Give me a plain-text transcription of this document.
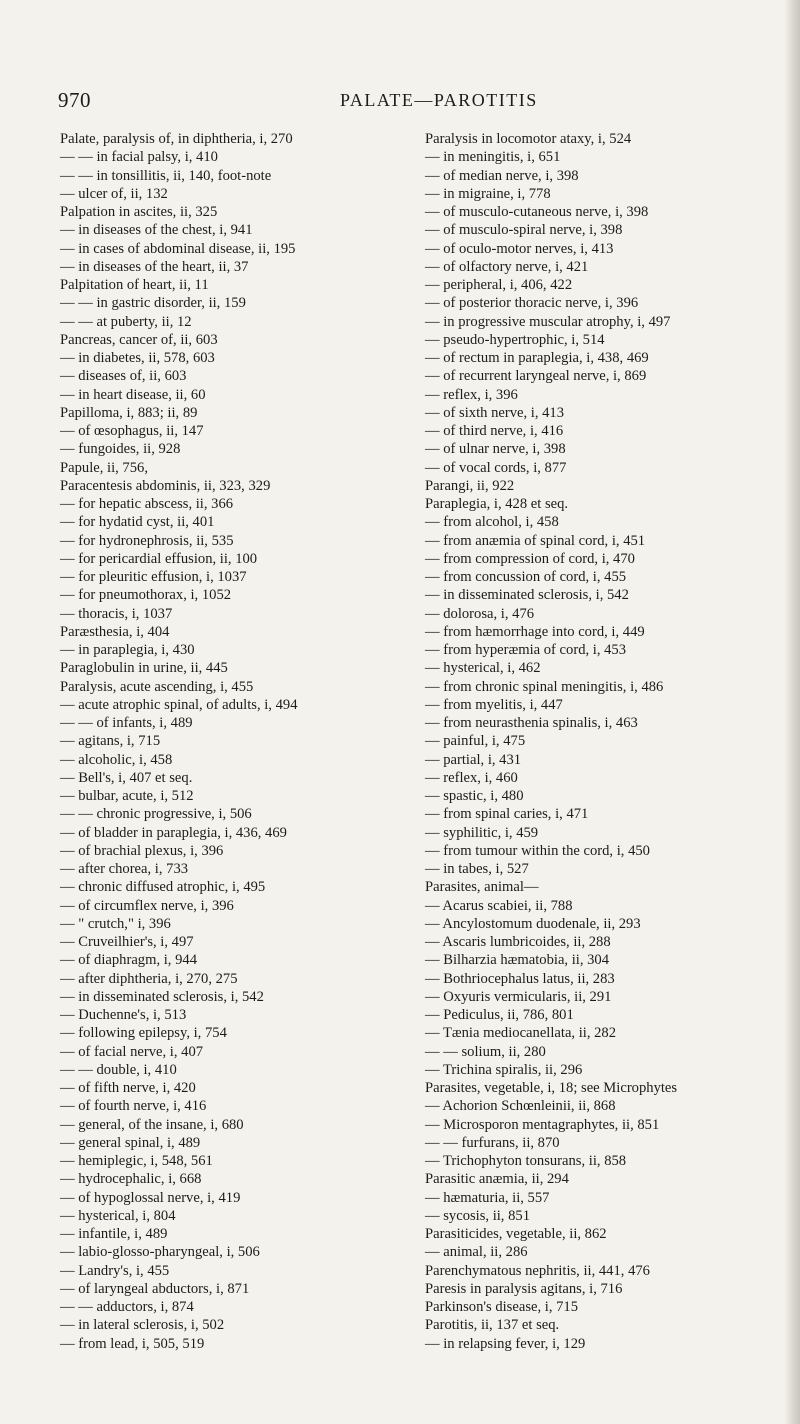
970	PALATE—PAROTITIS
Palate, paralysis of, in diphtheria, i, 270
— — in facial palsy, i, 410
— — in tonsillitis, ii, 140, foot-note
— ulcer of, ii, 132
Palpation in ascites, ii, 325
— in diseases of the chest, i, 941
— in cases of abdominal disease, ii, 195
— in diseases of the heart, ii, 37
Palpitation of heart, ii, 11
— — in gastric disorder, ii, 159
— — at puberty, ii, 12
Pancreas, cancer of, ii, 603
— in diabetes, ii, 578, 603
— diseases of, ii, 603
— in heart disease, ii, 60
Papilloma, i, 883; ii, 89
— of œsophagus, ii, 147
— fungoides, ii, 928
Papule, ii, 756,
Paracentesis abdominis, ii, 323, 329
— for hepatic abscess, ii, 366
— for hydatid cyst, ii, 401
— for hydronephrosis, ii, 535
— for pericardial effusion, ii, 100
— for pleuritic effusion, i, 1037
— for pneumothorax, i, 1052
— thoracis, i, 1037
Paræsthesia, i, 404
— in paraplegia, i, 430
Paraglobulin in urine, ii, 445
Paralysis, acute ascending, i, 455
— acute atrophic spinal, of adults, i, 494
— — of infants, i, 489
— agitans, i, 715
— alcoholic, i, 458
— Bell's, i, 407 et seq.
— bulbar, acute, i, 512
— — chronic progressive, i, 506
— of bladder in paraplegia, i, 436, 469
— of brachial plexus, i, 396
— after chorea, i, 733
— chronic diffused atrophic, i, 495
— of circumflex nerve, i, 396
— " crutch," i, 396
— Cruveilhier's, i, 497
— of diaphragm, i, 944
— after diphtheria, i, 270, 275
— in disseminated sclerosis, i, 542
— Duchenne's, i, 513
— following epilepsy, i, 754
— of facial nerve, i, 407
— — double, i, 410
— of fifth nerve, i, 420
— of fourth nerve, i, 416
— general, of the insane, i, 680
— general spinal, i, 489
— hemiplegic, i, 548, 561
— hydrocephalic, i, 668
— of hypoglossal nerve, i, 419
— hysterical, i, 804
— infantile, i, 489
— labio-glosso-pharyngeal, i, 506
— Landry's, i, 455
— of laryngeal abductors, i, 871
— — adductors, i, 874
— in lateral sclerosis, i, 502
— from lead, i, 505, 519
Paralysis in locomotor ataxy, i, 524
— in meningitis, i, 651
— of median nerve, i, 398
— in migraine, i, 778
— of musculo-cutaneous nerve, i, 398
— of musculo-spiral nerve, i, 398
— of oculo-motor nerves, i, 413
— of olfactory nerve, i, 421
— peripheral, i, 406, 422
— of posterior thoracic nerve, i, 396
— in progressive muscular atrophy, i, 497
— pseudo-hypertrophic, i, 514
— of rectum in paraplegia, i, 438, 469
— of recurrent laryngeal nerve, i, 869
— reflex, i, 396
— of sixth nerve, i, 413
— of third nerve, i, 416
— of ulnar nerve, i, 398
— of vocal cords, i, 877
Parangi, ii, 922
Paraplegia, i, 428 et seq.
— from alcohol, i, 458
— from anæmia of spinal cord, i, 451
— from compression of cord, i, 470
— from concussion of cord, i, 455
— in disseminated sclerosis, i, 542
— dolorosa, i, 476
— from hæmorrhage into cord, i, 449
— from hyperæmia of cord, i, 453
— hysterical, i, 462
— from chronic spinal meningitis, i, 486
— from myelitis, i, 447
— from neurasthenia spinalis, i, 463
— painful, i, 475
— partial, i, 431
— reflex, i, 460
— spastic, i, 480
— from spinal caries, i, 471
— syphilitic, i, 459
— from tumour within the cord, i, 450
— in tabes, i, 527
Parasites, animal—
— Acarus scabiei, ii, 788
— Ancylostomum duodenale, ii, 293
— Ascaris lumbricoides, ii, 288
— Bilharzia hæmatobia, ii, 304
— Bothriocephalus latus, ii, 283
— Oxyuris vermicularis, ii, 291
— Pediculus, ii, 786, 801
— Tænia mediocanellata, ii, 282
— — solium, ii, 280
— Trichina spiralis, ii, 296
Parasites, vegetable, i, 18; see Microphytes
— Achorion Schœnleinii, ii, 868
— Microsporon mentagraphytes, ii, 851
— — furfurans, ii, 870
— Trichophyton tonsurans, ii, 858
Parasitic anæmia, ii, 294
— hæmaturia, ii, 557
— sycosis, ii, 851
Parasiticides, vegetable, ii, 862
— animal, ii, 286
Parenchymatous nephritis, ii, 441, 476
Paresis in paralysis agitans, i, 716
Parkinson's disease, i, 715
Parotitis, ii, 137 et seq.
— in relapsing fever, i, 129
